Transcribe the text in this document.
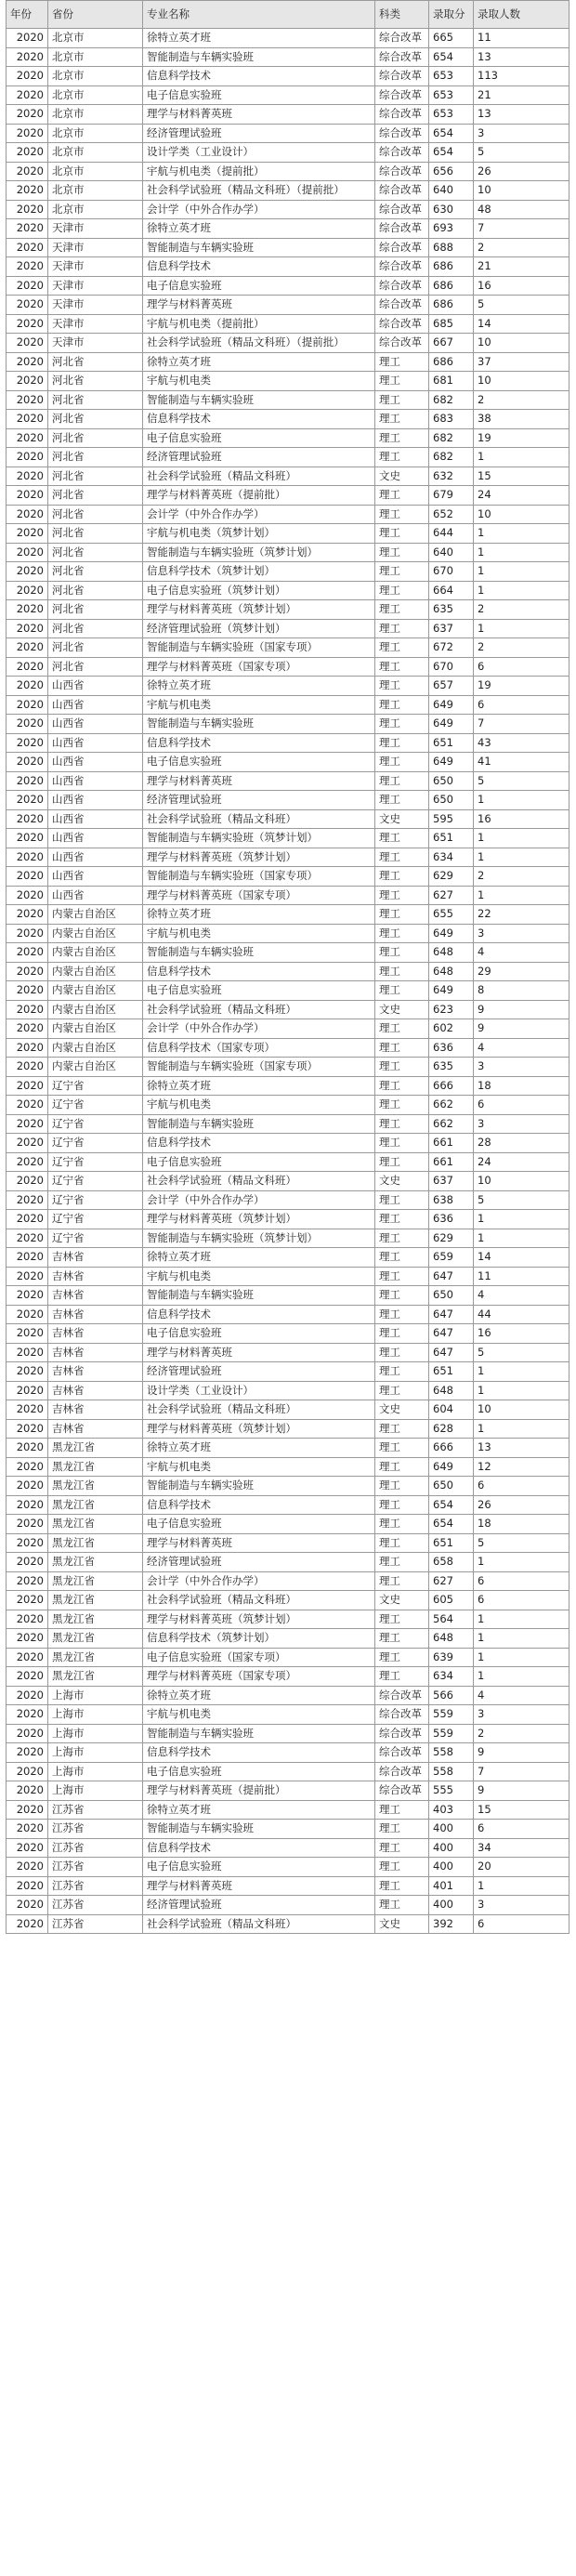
年份	省份	专业名称	科类	录取分	录取人数
2020	北京市	徐特立英才班	综合改革	665	11
2020	北京市	智能制造与车辆实验班	综合改革	654	13
2020	北京市	信息科学技术	综合改革	653	113
2020	北京市	电子信息实验班	综合改革	653	21
2020	北京市	理学与材料菁英班	综合改革	653	13
2020	北京市	经济管理试验班	综合改革	654	3
2020	北京市	设计学类（工业设计）	综合改革	654	5
2020	北京市	宇航与机电类（提前批）	综合改革	656	26
2020	北京市	社会科学试验班（精品文科班）（提前批）	综合改革	640	10
2020	北京市	会计学（中外合作办学）	综合改革	630	48
2020	天津市	徐特立英才班	综合改革	693	7
2020	天津市	智能制造与车辆实验班	综合改革	688	2
2020	天津市	信息科学技术	综合改革	686	21
2020	天津市	电子信息实验班	综合改革	686	16
2020	天津市	理学与材料菁英班	综合改革	686	5
2020	天津市	宇航与机电类（提前批）	综合改革	685	14
2020	天津市	社会科学试验班（精品文科班）（提前批）	综合改革	667	10
2020	河北省	徐特立英才班	理工	686	37
2020	河北省	宇航与机电类	理工	681	10
2020	河北省	智能制造与车辆实验班	理工	682	2
2020	河北省	信息科学技术	理工	683	38
2020	河北省	电子信息实验班	理工	682	19
2020	河北省	经济管理试验班	理工	682	1
2020	河北省	社会科学试验班（精品文科班）	文史	632	15
2020	河北省	理学与材料菁英班（提前批）	理工	679	24
2020	河北省	会计学（中外合作办学）	理工	652	10
2020	河北省	宇航与机电类（筑梦计划）	理工	644	1
2020	河北省	智能制造与车辆实验班（筑梦计划）	理工	640	1
2020	河北省	信息科学技术（筑梦计划）	理工	670	1
2020	河北省	电子信息实验班（筑梦计划）	理工	664	1
2020	河北省	理学与材料菁英班（筑梦计划）	理工	635	2
2020	河北省	经济管理试验班（筑梦计划）	理工	637	1
2020	河北省	智能制造与车辆实验班（国家专项）	理工	672	2
2020	河北省	理学与材料菁英班（国家专项）	理工	670	6
2020	山西省	徐特立英才班	理工	657	19
2020	山西省	宇航与机电类	理工	649	6
2020	山西省	智能制造与车辆实验班	理工	649	7
2020	山西省	信息科学技术	理工	651	43
2020	山西省	电子信息实验班	理工	649	41
2020	山西省	理学与材料菁英班	理工	650	5
2020	山西省	经济管理试验班	理工	650	1
2020	山西省	社会科学试验班（精品文科班）	文史	595	16
2020	山西省	智能制造与车辆实验班（筑梦计划）	理工	651	1
2020	山西省	理学与材料菁英班（筑梦计划）	理工	634	1
2020	山西省	智能制造与车辆实验班（国家专项）	理工	629	2
2020	山西省	理学与材料菁英班（国家专项）	理工	627	1
2020	内蒙古自治区	徐特立英才班	理工	655	22
2020	内蒙古自治区	宇航与机电类	理工	649	3
2020	内蒙古自治区	智能制造与车辆实验班	理工	648	4
2020	内蒙古自治区	信息科学技术	理工	648	29
2020	内蒙古自治区	电子信息实验班	理工	649	8
2020	内蒙古自治区	社会科学试验班（精品文科班）	文史	623	9
2020	内蒙古自治区	会计学（中外合作办学）	理工	602	9
2020	内蒙古自治区	信息科学技术（国家专项）	理工	636	4
2020	内蒙古自治区	智能制造与车辆实验班（国家专项）	理工	635	3
2020	辽宁省	徐特立英才班	理工	666	18
2020	辽宁省	宇航与机电类	理工	662	6
2020	辽宁省	智能制造与车辆实验班	理工	662	3
2020	辽宁省	信息科学技术	理工	661	28
2020	辽宁省	电子信息实验班	理工	661	24
2020	辽宁省	社会科学试验班（精品文科班）	文史	637	10
2020	辽宁省	会计学（中外合作办学）	理工	638	5
2020	辽宁省	理学与材料菁英班（筑梦计划）	理工	636	1
2020	辽宁省	智能制造与车辆实验班（筑梦计划）	理工	629	1
2020	吉林省	徐特立英才班	理工	659	14
2020	吉林省	宇航与机电类	理工	647	11
2020	吉林省	智能制造与车辆实验班	理工	650	4
2020	吉林省	信息科学技术	理工	647	44
2020	吉林省	电子信息实验班	理工	647	16
2020	吉林省	理学与材料菁英班	理工	647	5
2020	吉林省	经济管理试验班	理工	651	1
2020	吉林省	设计学类（工业设计）	理工	648	1
2020	吉林省	社会科学试验班（精品文科班）	文史	604	10
2020	吉林省	理学与材料菁英班（筑梦计划）	理工	628	1
2020	黑龙江省	徐特立英才班	理工	666	13
2020	黑龙江省	宇航与机电类	理工	649	12
2020	黑龙江省	智能制造与车辆实验班	理工	650	6
2020	黑龙江省	信息科学技术	理工	654	26
2020	黑龙江省	电子信息实验班	理工	654	18
2020	黑龙江省	理学与材料菁英班	理工	651	5
2020	黑龙江省	经济管理试验班	理工	658	1
2020	黑龙江省	会计学（中外合作办学）	理工	627	6
2020	黑龙江省	社会科学试验班（精品文科班）	文史	605	6
2020	黑龙江省	理学与材料菁英班（筑梦计划）	理工	564	1
2020	黑龙江省	信息科学技术（筑梦计划）	理工	648	1
2020	黑龙江省	电子信息实验班（国家专项）	理工	639	1
2020	黑龙江省	理学与材料菁英班（国家专项）	理工	634	1
2020	上海市	徐特立英才班	综合改革	566	4
2020	上海市	宇航与机电类	综合改革	559	3
2020	上海市	智能制造与车辆实验班	综合改革	559	2
2020	上海市	信息科学技术	综合改革	558	9
2020	上海市	电子信息实验班	综合改革	558	7
2020	上海市	理学与材料菁英班（提前批）	综合改革	555	9
2020	江苏省	徐特立英才班	理工	403	15
2020	江苏省	智能制造与车辆实验班	理工	400	6
2020	江苏省	信息科学技术	理工	400	34
2020	江苏省	电子信息实验班	理工	400	20
2020	江苏省	理学与材料菁英班	理工	401	1
2020	江苏省	经济管理试验班	理工	400	3
2020	江苏省	社会科学试验班（精品文科班）	文史	392	6
